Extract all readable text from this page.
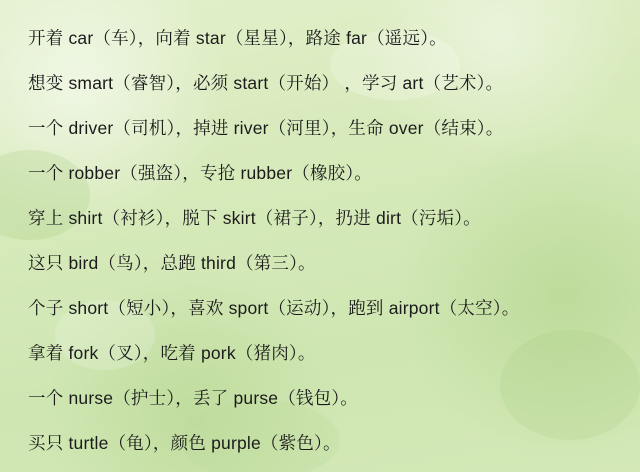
开着 car（车），向着 star（星星），路途 far（遥远）。
想变 smart（睿智），必须 start（开始） ，学习 art（艺术）。
一个 driver（司机），掉进 river（河里），生命 over（结束）。
一个 robber（强盗），专抢 rubber（橡胶）。
穿上 shirt（衬衫），脱下 skirt（裙子），扔进 dirt（污垢）。
这只 bird（鸟），总跑 third（第三）。
个子 short（短小），喜欢 sport（运动），跑到 airport（太空）。
拿着 fork（叉），吃着 pork（猪肉）。
一个 nurse（护士），丢了 purse（钱包）。
买只 turtle（龟），颜色 purple（紫色）。
